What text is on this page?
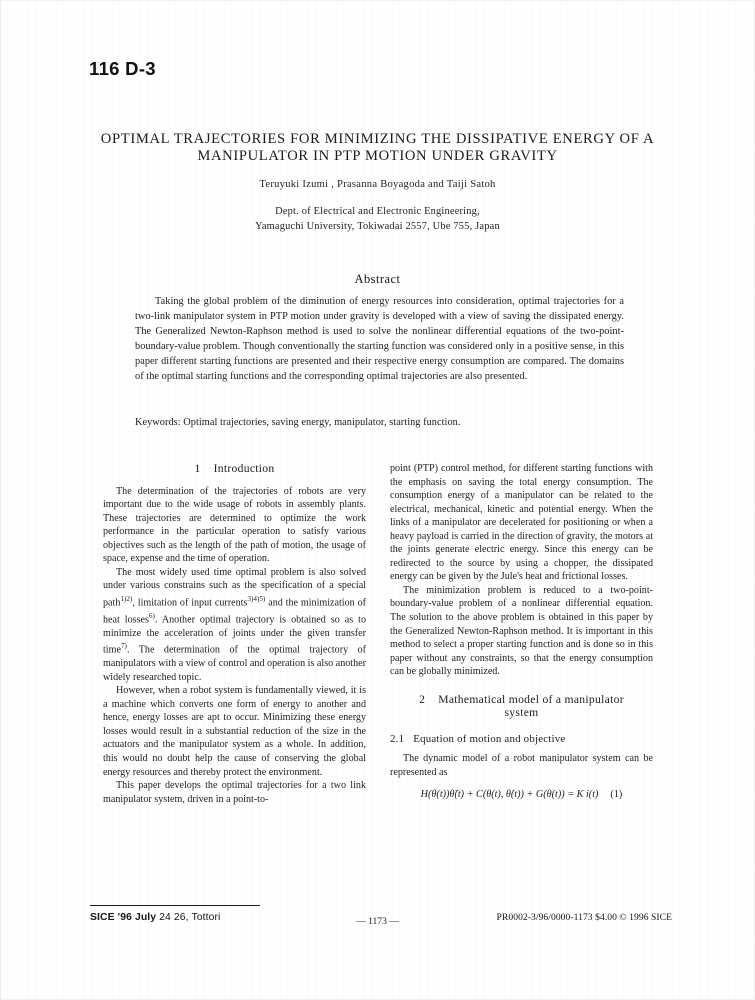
116 D-3
OPTIMAL TRAJECTORIES FOR MINIMIZING THE DISSIPATIVE ENERGY OF A MANIPULATOR IN PTP MOTION UNDER GRAVITY
Teruyuki Izumi , Prasanna Boyagoda and Taiji Satoh
Dept. of Electrical and Electronic Engineering,
Yamaguchi University, Tokiwadai 2557, Ube 755, Japan
Abstract
Taking the global problem of the diminution of energy resources into consideration, optimal trajectories for a two-link manipulator system in PTP motion under gravity is developed with a view of saving the dissipated energy. The Generalized Newton-Raphson method is used to solve the nonlinear differential equations of the two-point-boundary-value problem. Though conventionally the starting function was considered only in a positive sense, in this paper different starting functions are presented and their respective energy consumption are compared. The domains of the optimal starting functions and the corresponding optimal trajectories are also presented.
Keywords: Optimal trajectories, saving energy, manipulator, starting function.
1 Introduction

The determination of the trajectories of robots are very important due to the wide usage of robots in assembly plants. These trajectories are determined to optimize the work performance in the particular operation to satisfy various objectives such as the length of the path of motion, the usage of space, expense and the time of operation.

The most widely used time optimal problem is also solved under various constrains such as the specification of a special path$^{1)2)}$, limitation of input currents$^{3)4)5)}$ and the minimization of heat losses$^{6)}$. Another optimal trajectory is obtained so as to minimize the acceleration of joints under the given transfer time$^{7)}$. The determination of the optimal trajectory of manipulators with a view of control and operation is also another widely researched topic.

However, when a robot system is fundamentally viewed, it is a machine which converts one form of energy to another and hence, energy losses are apt to occur. Minimizing these energy losses would result in a substantial reduction of the size in the actuators and the manipulator system as a whole. In addition, this would no doubt help the cause of conserving the global energy resources and thereby protect the environment.

This paper develops the optimal trajectories for a two link manipulator system, driven in a point-to-

point (PTP) control method, for different starting functions with the emphasis on saving the total energy consumption. The consumption energy of a manipulator can be related to the electrical, mechanical, kinetic and potential energy. When the links of a manipulator are decelerated for positioning or when a heavy payload is carried in the direction of gravity, the motors at the joints generate electric energy. Since this energy can be redirected to the source by using a chopper, the dissipated energy can be given by the Jule's heat and frictional losses.

The minimization problem is reduced to a two-point-boundary-value problem of a nonlinear differential equation. The solution to the above problem is obtained in this paper by the Generalized Newton-Raphson method. It is important in this method to select a proper starting function and is done so in this paper without any constraints, so that the energy consumption can be globally minimized.

2 Mathematical model of a manipulator
system
2.1 Equation of motion and objective

The dynamic model of a robot manipulator system can be represented as

H(θ(t))θ̈(t) + C(θ(t), θ̇(t)) + G(θ(t)) = K i(t) (1)
SICE '96 July 24 26, Tottori	— 1173 —	PR0002-3/96/0000-1173 $4.00 © 1996 SICE
